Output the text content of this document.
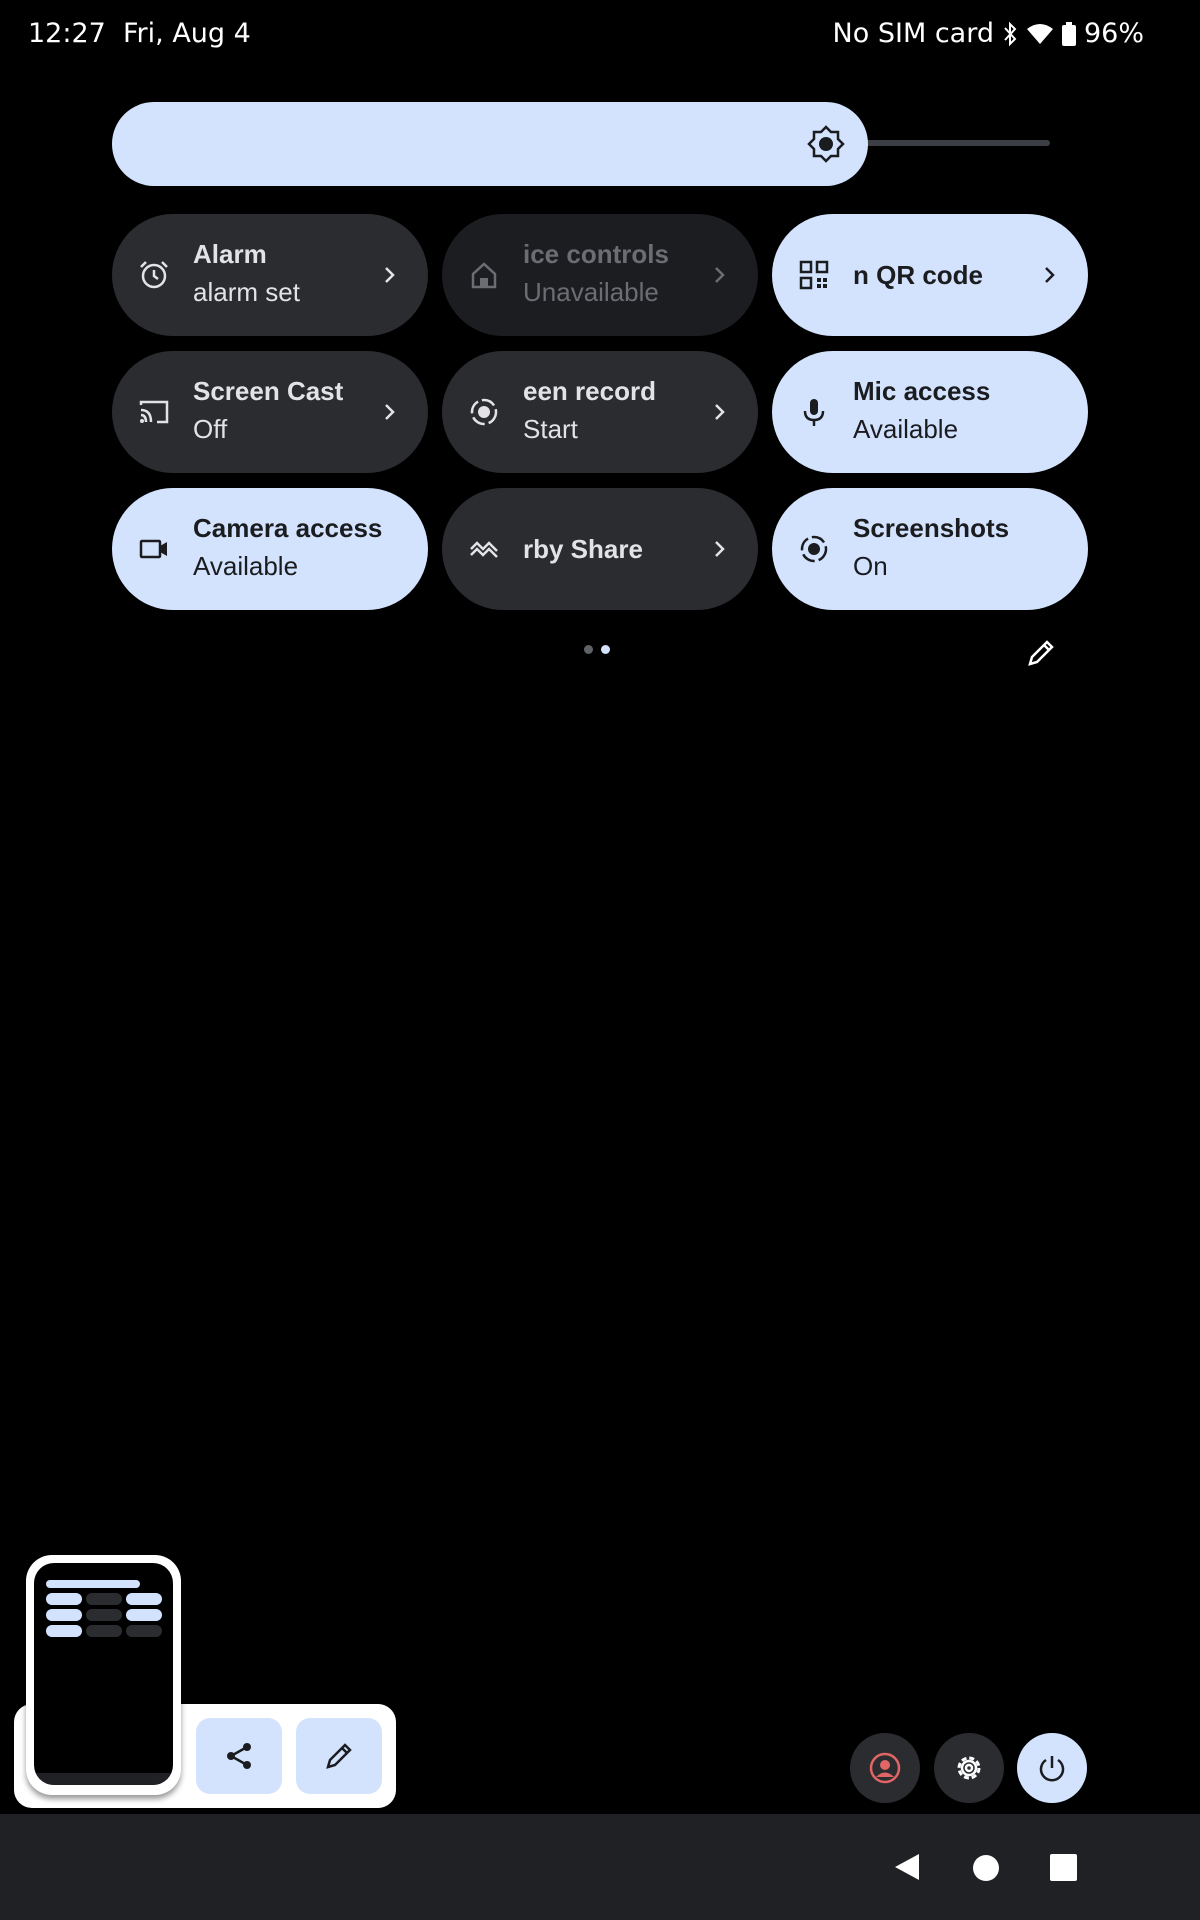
12:27 Fri, Aug 4	No SIM card	96%
Alarm
alarm set
ice controls
Unavailable
n QR code
Screen Cast
Off
een record
Start
Mic access
Available
Camera access
Available
rby Share
Screenshots
On
